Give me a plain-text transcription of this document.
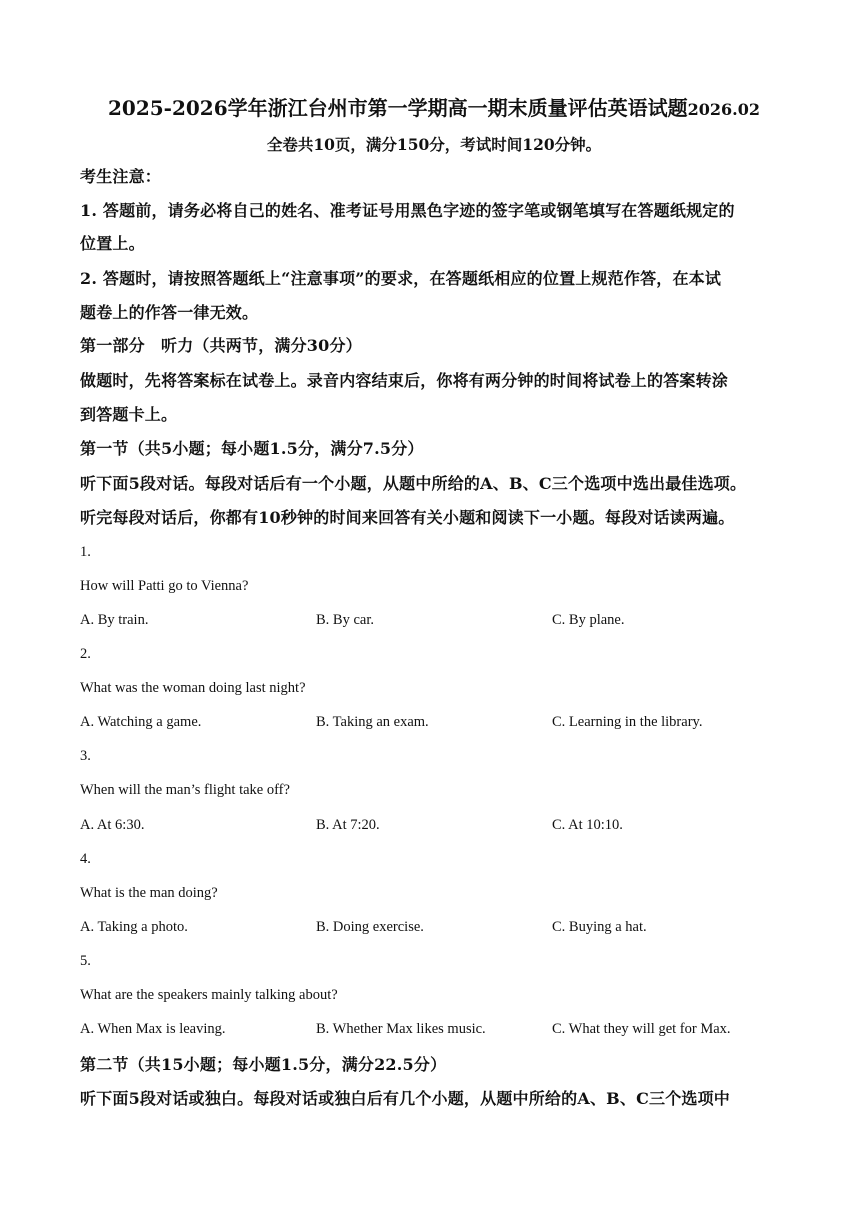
2025-2026学年浙江台州市第一学期高一期末质量评估英语试题2026.02
全卷共10页，满分150分，考试时间120分钟。
考生注意：
1. 答题前，请务必将自己的姓名、准考证号用黑色字迹的签字笔或钢笔填写在答题纸规定的
位置上。
2. 答题时，请按照答题纸上“注意事项”的要求，在答题纸相应的位置上规范作答，在本试
题卷上的作答一律无效。
第一部分　听力（共两节，满分30分）
做题时，先将答案标在试卷上。录音内容结束后，你将有两分钟的时间将试卷上的答案转涂
到答题卡上。
第一节（共5小题；每小题1.5分，满分7.5分）
听下面5段对话。每段对话后有一个小题，从题中所给的A、B、C三个选项中选出最佳选项。
听完每段对话后，你都有10秒钟的时间来回答有关小题和阅读下一小题。每段对话读两遍。
1.
How will Patti go to Vienna?
A. By train.	B. By car.	C. By plane.
2.
What was the woman doing last night?
A. Watching a game.	B. Taking an exam.	C. Learning in the library.
3.
When will the man’s flight take off?
A. At 6:30.	B. At 7:20.	C. At 10:10.
4.
What is the man doing?
A. Taking a photo.	B. Doing exercise.	C. Buying a hat.
5.
What are the speakers mainly talking about?
A. When Max is leaving.	B. Whether Max likes music.	C. What they will get for Max.
第二节（共15小题；每小题1.5分，满分22.5分）
听下面5段对话或独白。每段对话或独白后有几个小题，从题中所给的A、B、C三个选项中
